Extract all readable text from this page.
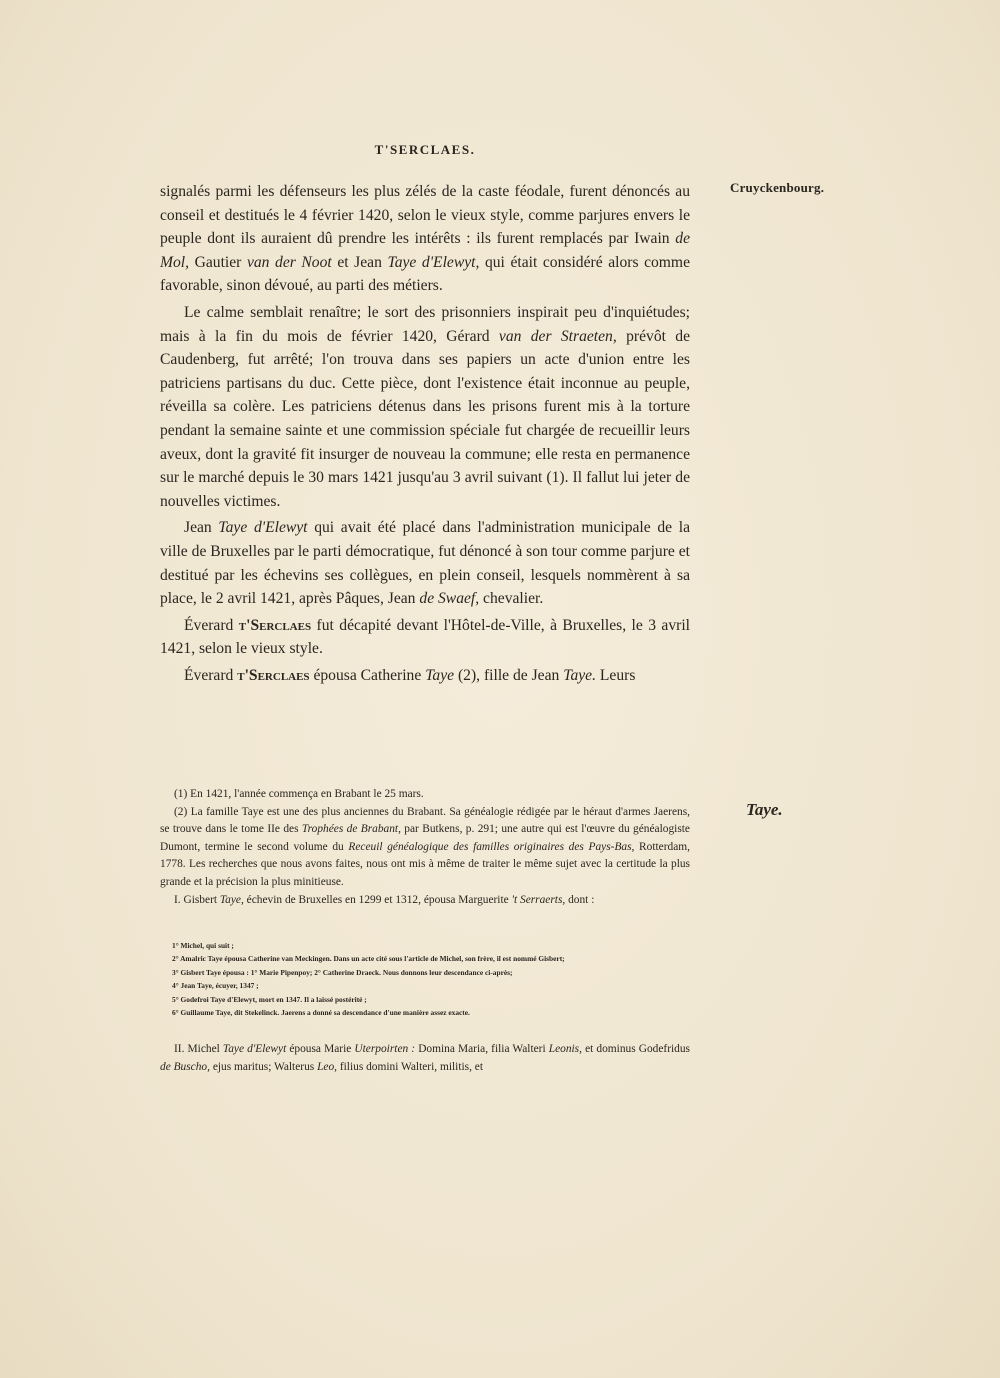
T'SERCLAES.
Cruyckenbourg.
Taye.

signalés parmi les défenseurs les plus zélés de la caste féodale, furent dénoncés au conseil et destitués le 4 février 1420, selon le vieux style, comme parjures envers le peuple dont ils auraient dû prendre les intérêts : ils furent remplacés par Iwain de Mol, Gautier van der Noot et Jean Taye d'Elewyt, qui était considéré alors comme favorable, sinon dévoué, au parti des métiers.

Le calme semblait renaître; le sort des prisonniers inspirait peu d'inquiétudes; mais à la fin du mois de février 1420, Gérard van der Straeten, prévôt de Caudenberg, fut arrêté; l'on trouva dans ses papiers un acte d'union entre les patriciens partisans du duc. Cette pièce, dont l'existence était inconnue au peuple, réveilla sa colère. Les patriciens détenus dans les prisons furent mis à la torture pendant la semaine sainte et une commission spéciale fut chargée de recueillir leurs aveux, dont la gravité fit insurger de nouveau la commune; elle resta en permanence sur le marché depuis le 30 mars 1421 jusqu'au 3 avril suivant (1). Il fallut lui jeter de nouvelles victimes.

Jean Taye d'Elewyt qui avait été placé dans l'administration municipale de la ville de Bruxelles par le parti démocratique, fut dénoncé à son tour comme parjure et destitué par les échevins ses collègues, en plein conseil, lesquels nommèrent à sa place, le 2 avril 1421, après Pâques, Jean de Swaef, chevalier.

Éverard t'Serclaes fut décapité devant l'Hôtel-de-Ville, à Bruxelles, le 3 avril 1421, selon le vieux style.

Éverard t'Serclaes épousa Catherine Taye (2), fille de Jean Taye. Leurs

(1) En 1421, l'année commença en Brabant le 25 mars.

(2) La famille Taye est une des plus anciennes du Brabant. Sa généalogie rédigée par le héraut d'armes Jaerens, se trouve dans le tome IIe des Trophées de Brabant, par Butkens, p. 291; une autre qui est l'œuvre du généalogiste Dumont, termine le second volume du Receuil généalogique des familles originaires des Pays-Bas, Rotterdam, 1778. Les recherches que nous avons faites, nous ont mis à même de traiter le même sujet avec la certitude la plus grande et la précision la plus minitieuse.

I. Gisbert Taye, échevin de Bruxelles en 1299 et 1312, épousa Marguerite 't Serraerts, dont :

1° Michel, qui suit ;
2° Amalric Taye épousa Catherine van Meckingen. Dans un acte cité sous l'article de Michel, son frère, il est nommé Gisbert;
3° Gisbert Taye épousa : 1° Marie Pipenpoy; 2° Catherine Draeck. Nous donnons leur descendance ci-après;
4° Jean Taye, écuyer, 1347 ;
5° Godefroi Taye d'Elewyt, mort en 1347. Il a laissé postérité ;
6° Guillaume Taye, dit Stekelinck. Jaerens a donné sa descendance d'une manière assez exacte.

II. Michel Taye d'Elewyt épousa Marie Uterpoirten : Domina Maria, filia Walteri Leonis, et dominus Godefridus de Buscho, ejus maritus; Walterus Leo, filius domini Walteri, militis, et
